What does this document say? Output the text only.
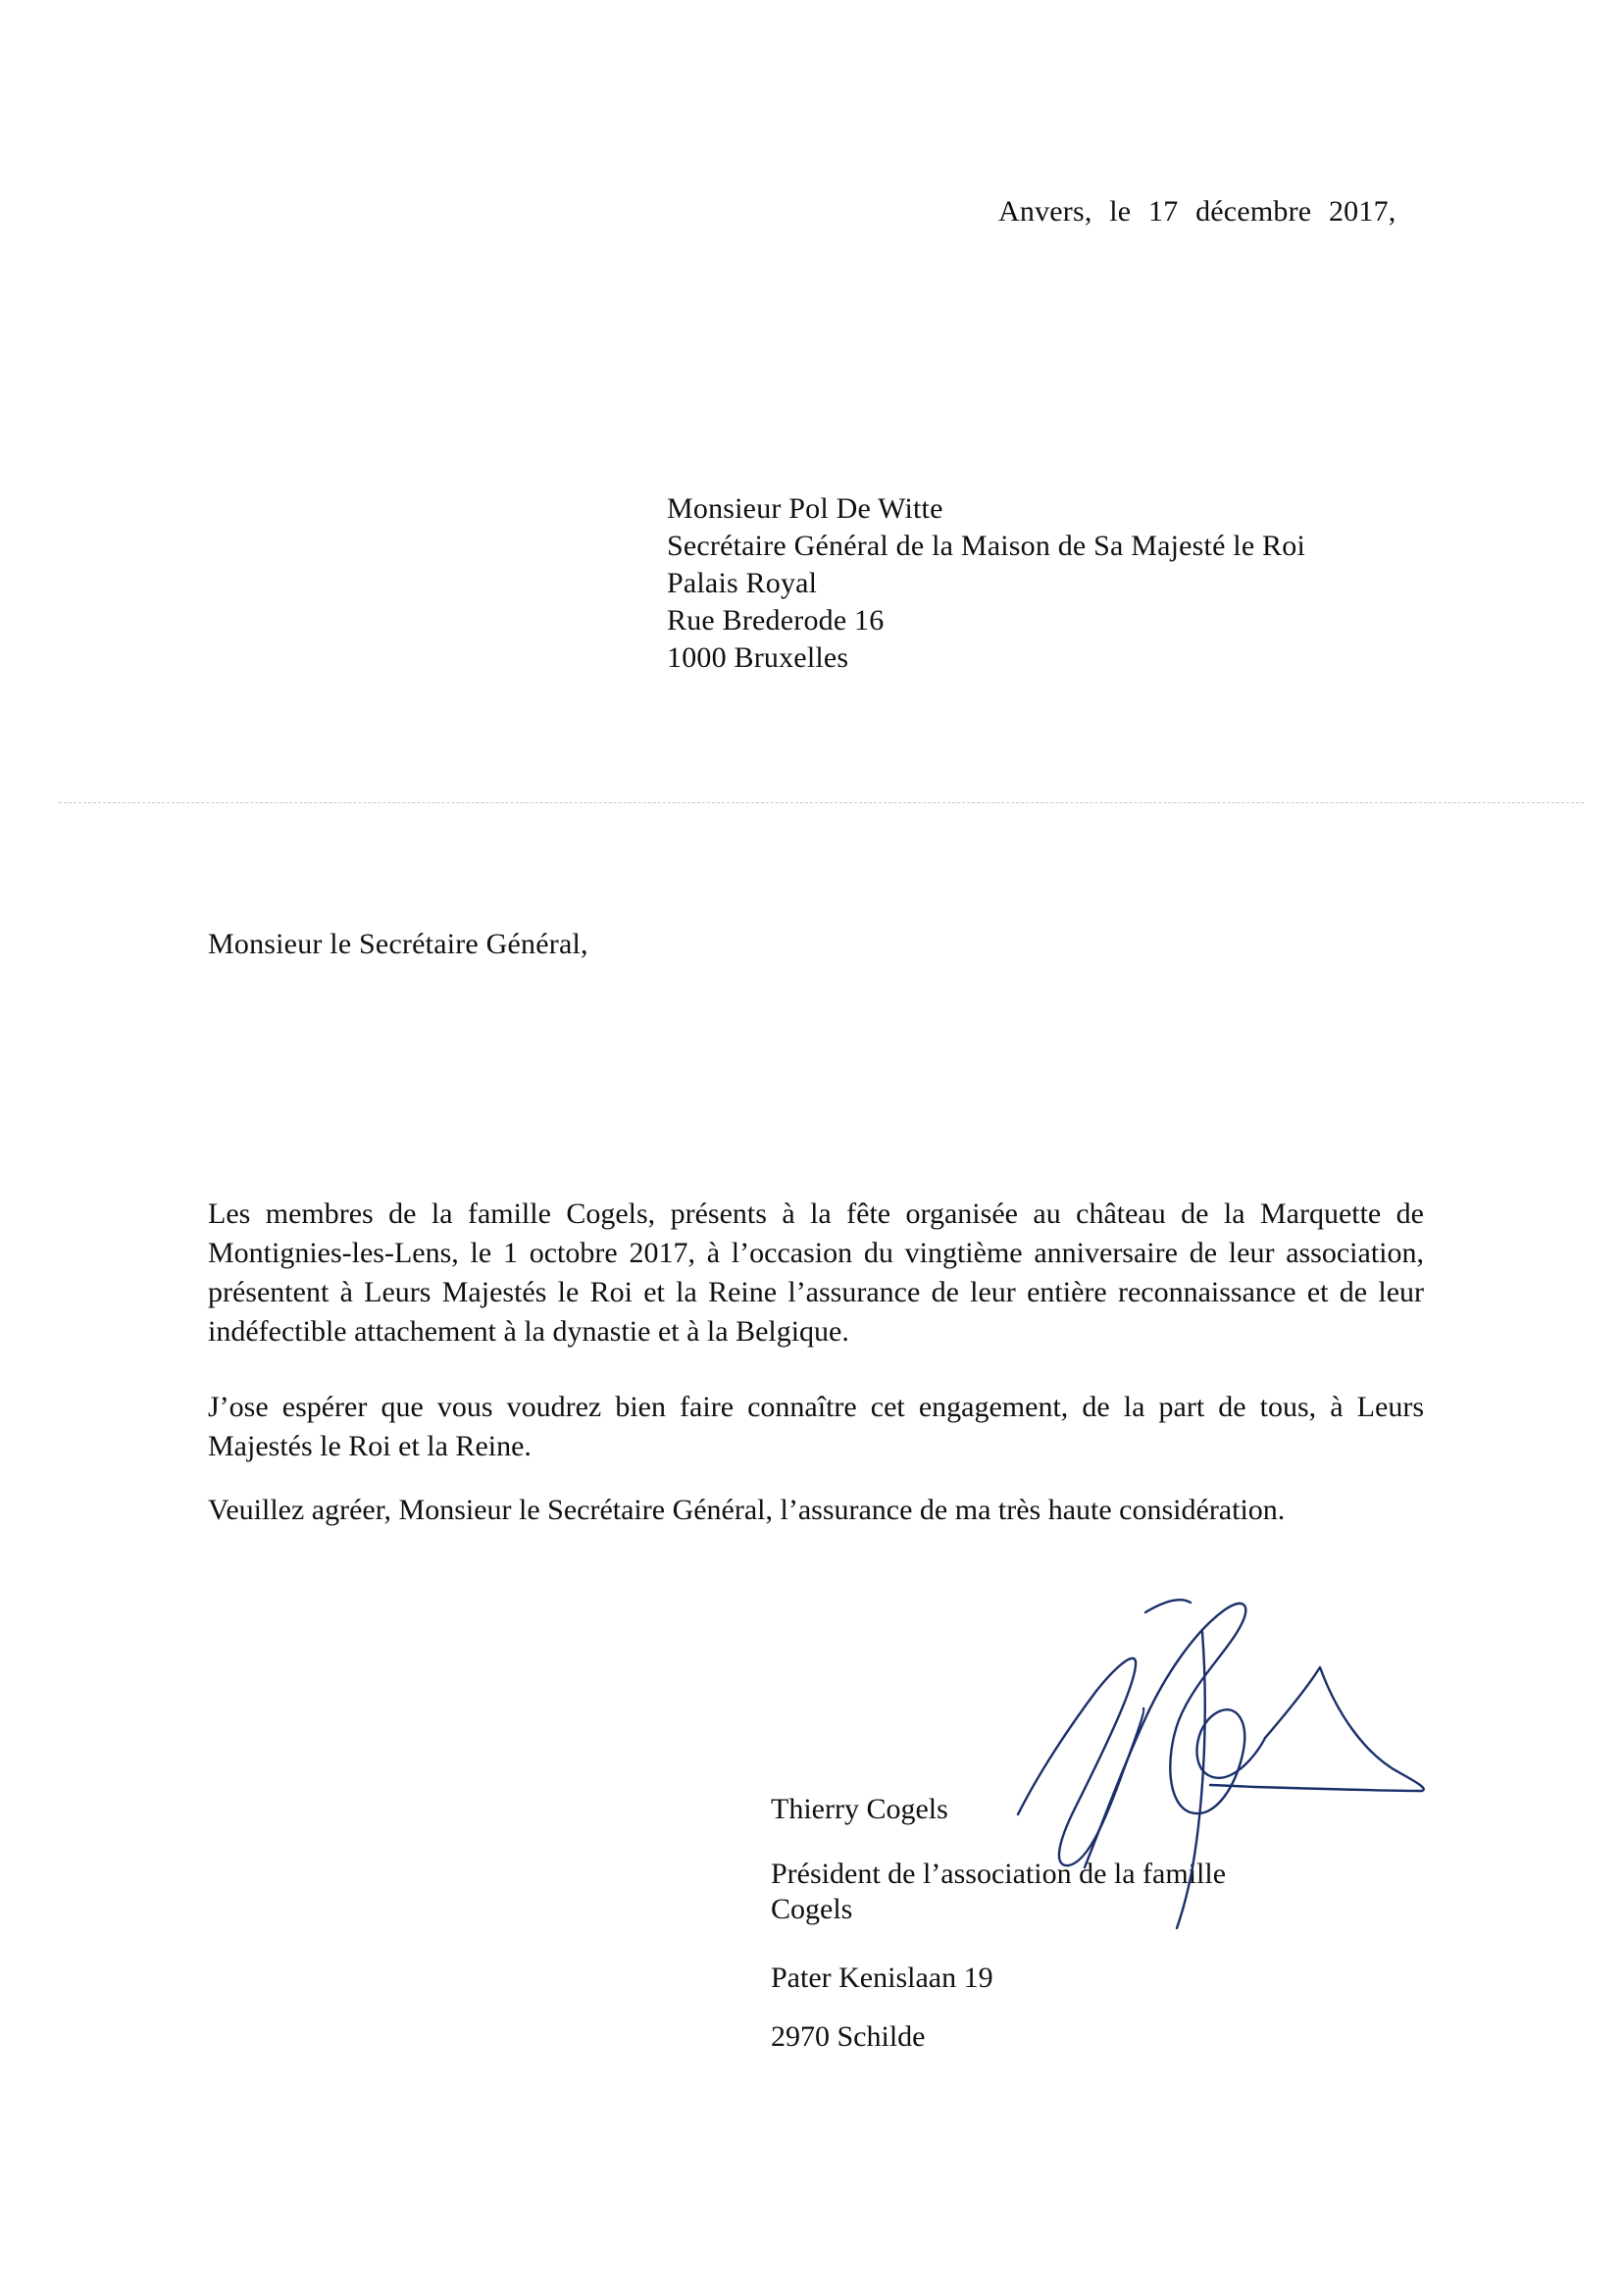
Anvers, le 17 décembre 2017,
Monsieur Pol De Witte
Secrétaire Général de la Maison de Sa Majesté le Roi
Palais Royal
Rue Brederode 16
1000 Bruxelles
Monsieur le Secrétaire Général,
Les membres de la famille Cogels, présents à la fête organisée au château de la Marquette de Montignies-les-Lens, le 1 octobre 2017, à l’occasion du vingtième anniversaire de leur association, présentent à Leurs Majestés le Roi et la Reine l’assurance de leur entière reconnaissance et de leur indéfectible attachement à la dynastie et à la Belgique.
J’ose espérer que vous voudrez bien faire connaître cet engagement, de la part de tous, à Leurs Majestés le Roi et la Reine.
Veuillez agréer, Monsieur le Secrétaire Général, l’assurance de ma très haute considération.
Thierry Cogels
Président de l’association de la famille
Cogels
Pater Kenislaan 19
2970 Schilde
